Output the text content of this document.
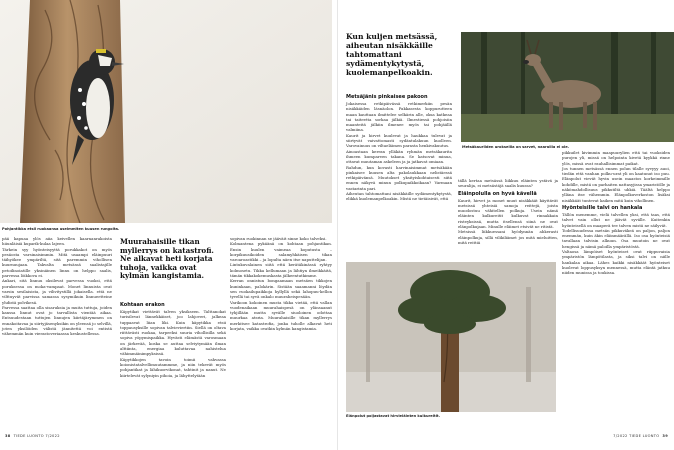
Pohjantikka etsii ruokaansa useimmiten kuusen rungolta.
Muurahaisille tikan myllerrys on katastrofi. Ne alkavat heti korjata tuhoja, vaikka ovat kylmän kangistamia.

pää kapuaa ylös aiia keivellen kaarnanrakoista hiiunläisiä kuparik-kulaa lajeen.

Tärkein syy hyönteisyyttä porukkakot on myös pesäosta varsinaisimmin. Mitä usaampi eläinpuuri täihyökee ympäriltä, sitä paremmin vihollisen kuurnuujaan. Takvalta metsässä saalistajille petoilinoiatille yksinäinen linnu on helppo saalis, parvessa löikkova ei.

Ankari, sitä linnuu oksilevat parvessa vuoksi, että poruksessa on moka-vampaat. Monet linnuista ovat varsin sesilaisista, ja vilivitystillä jokaisella. että ne vilttuyvät parvissa samassa sysymikuin linnueetteine yhdistä polvikesä.

Parvessa saattaa olla sisaruksia ja muita tuttuja, joiden kanssa linnut ovat jo tarvallista vientää aikaa. Entsuudestaan tuttujen linnujen kiirtäjärymmen on ennakoitavaa ja siirtyjäsenyksikin on yleensä jo selvillä, joten yksilöiden välistä jännitettä voi entistä vähemmän kuin vierastoveriaassa keskustellessa.

Kohtaan erakon

Käpytikat viettävät talven yksikseen. Talttanokat turisilevat lännekkäiset, joo lahjoveri, jalkeaa tuppaavat liian liki. Kuin käpytikka etsii toppausyksille sopivan talvieviertiin. Siellä on oltava riittävästi ruokaa, tarpeeksi suuria vihollisilla sekä sopiva yöpymispaikka. Hyvästi elämästä varosmaan on järkevää, koska se auttaa selviytymään ilman alttiinta, energiaa kuluttavaa nahistelua vähimmäinimpyksissä.

Käpytikkojen tavoin toimii vahvassa koionistatalvellimuutammme, ja niin tekevät myös pohjantikat ja lähikuorvikonat, tahtinit ja nanut. Ne kiirtelevät sylyniyin pihoia, ja lähyttelytään

sopivan ruokinnan se jääväit sinne koko talveksi.

Kolmantena pykäänä on kohtaan pohjantikan. Ensin kuulen vaimeaa koputusta – korpikuusikoiden salamyhkäisen tikan varoaroastikki – ja lopulta näen itse naputtelijan.

Lintukuvalainen siitä että kerätäkinässä ryhtyy kolmosetu. Tikka kellumaan ja lähtiyn ilmeikkäitä, tämän tikkakokemuskasta jälkeentutkimme.

Kerran onnistun bongaamaan metsäen tikkojen kuninkaan, palokärin. Sistään saaamanni löydän sen ruokailupaikkoja hyllyllä sekä lahopuu-kellon tyvellä tai syvä onkalo muuraheispesään.

Varikoon kokoinen musta tikka vietää, että vallan vuodenaikaan muurahaispesä on ylänsaanut tyhjillään mutta syvälle siuoloinen odottaa muurkaa atsria. Muurahaisille tikan myllerrys merkitsee katastrofia, jonka tuholle alkavat heti korjata, vaikka ovatkin kylmän kangistamia.

38 TIEDE LUONTO 7/2022
Kun kuljen metsässä, aiheutan nisäkkäille tahtomattani sydämentykytystä, kuolemanpelkoakin.
Metsäkauriiden urokseilla on sarvet, naarailla ei ole.
Metsäjänis pinkaisee pakoon

Jokaisessa retkipäivässä retkimerkiin pesän nisäkkäiden läsnäolon. Pakkasesta koppurutteen maan kauttaan ilmittelee selkärin alle, oksa katkeaa tai taiteetta sorkaa jälkiä. Ilmestiessä pohjoisiin maanteitä jälkiin ilmenee myös tai pohjäällä valmiina.

Kaurit ja hirvet kuulevat ja haukkaa tulevat ja siirtyvät vaivattomasti sydäntulakuun kuolleen. Varovainuus on viltaeläimen parasta henkivakuutus.

Ainoastaan kerran ylläkän ryhmän metsäkaurita ihmeen kumpareen takana. Se katsovat minua, ottavat muutaman askeleen ja ja jatkavat omiaan.

Rahdun, kun kovasti harvinaisimmat metsäkään pinkaisee kuusen alta pakolaukkaan nelistäessä retkipäivänsä. Muutokset yksityiskohtaisesti siitä ennen näkyvä minun polkupaikkoikaan? Varmaan vastarinta pari.

Aiheutan tahtomattani nisäkkäille sydämentykytystä, elikkä kuolemanpelkoakin. Mistä ne tietäisivät, että

tällä kertaa metsässä liikkuu eläinten ystävä ja seuralija, ei metsästäjä saalis kuussa?

Eläinpolulla on hyvä kävellä

Kaurit, hirvet ja monet muut nisäkkäät käyttävät metsissä yhteisiä samoja reittejä, joista muodostuu vähitellen polkuja. Usein nämä eläinten kulkureitit kulkuvat rinnakkain risteyksissä, mutta itsellensä siinä ne ovat elänpolkujaan. Minulle eläimet etsivät ne ritistä.

Metsissä liikkuessani hyödynnän ahkerasti eläinpolkuja, sillä vilikiliämet jos mitä mieluitten, mitä reittiä

Elänpolut poljastavat hirvieläinten kulkureitit.

pikkuilet kivimmin maapuurylien että tai vuoksiden purojen yli, missä on helpointa kivetä kyykkä rinne ylös, missä ovat rauhallisimmat paikat.

Jos tunnen metsässä ennen polun tilalle syvyyy auoi, tiedän että vanhan polku-urat yli on kaatunut iso puu. Elänpolut vievät hyvin usein maastos korkeimmille kohdille, mistä on parhaiten nattasyjissa ymaristölle ja näkömahdollisuus pikkutiltä uhkiä. Täältä helppo ylläna itse vähemmin. Elänpolkuverkoston lisäksi nisäkkäät tuntevat kaiken mitä kuin vihollinen.

Hyönteisille talvi on hankala

Tällön menemme, vielä talvellen yksi, että taas, että talvet vain ollut ne jäävät syvälle. Kuitenkin hyönteisellä on maaperä tee talven mistä ne säilyvät.

Todellisuudessa metsän pikkuväkeä on paljon, paljon enemmän, kuin äkin eläinmäärällä. Iso osa hyönteisiä tavallaan talvisin alkuun. Osa muutoin ne ovat hengissä ja nämä paloilla ympäristöstä.

Valtaosa lämpöiset hyönteiset ovat riippuvaisia ympäristön lämpötilasta, ja siksi talvi on niille hankalaa aikaa. Lähes kaikki nisäkkäät hyönteiset kuolevat loppusyksyn mennessä, mutta eläntä jatkuu niiden munissa ja toukissa.

7/2022 TIEDE LUONTO 39
